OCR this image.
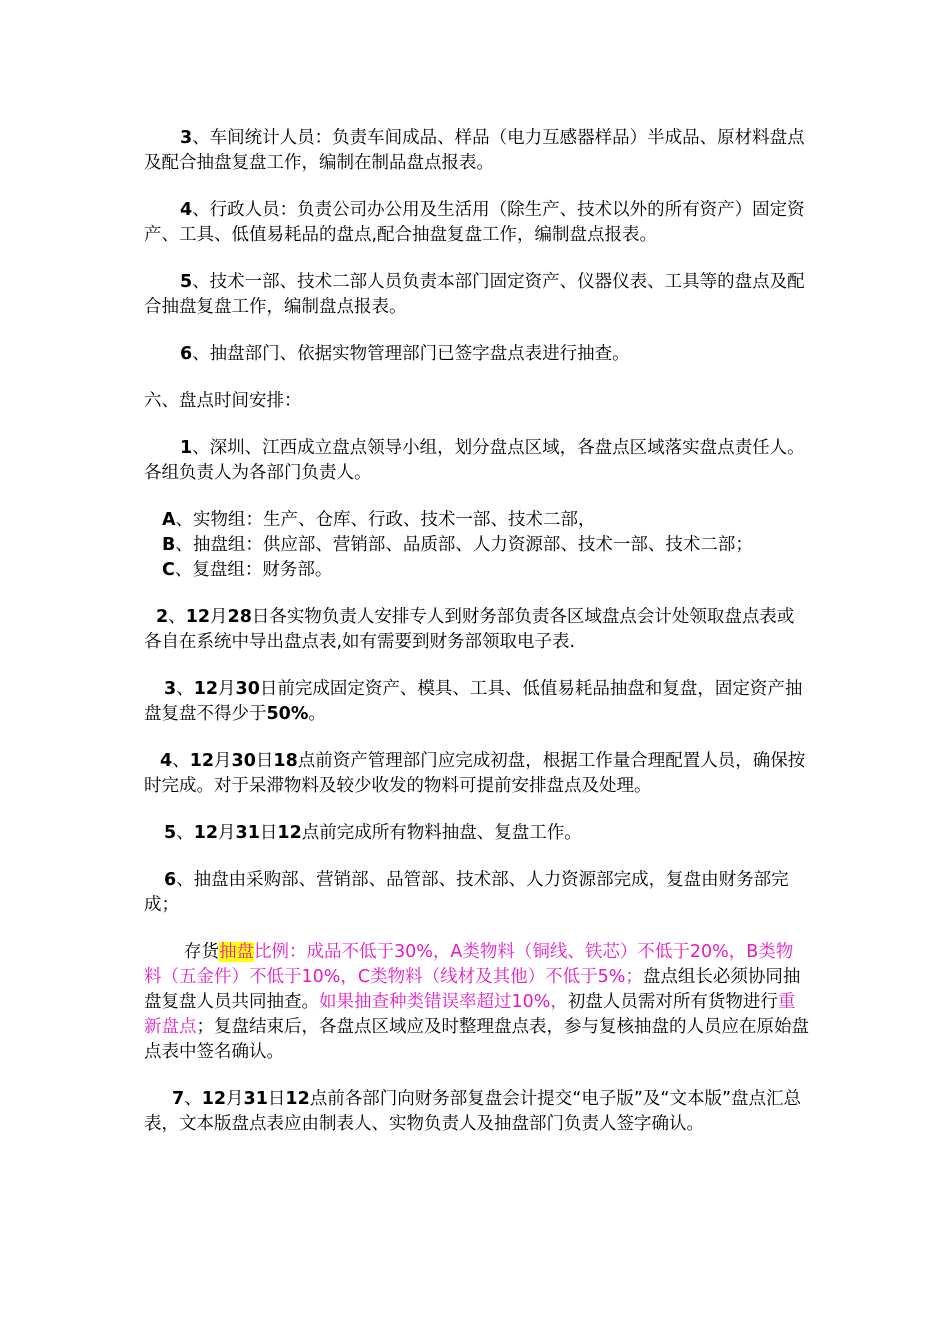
3、车间统计人员：负责车间成品、样品（电力互感器样品）半成品、原材料盘点及配合抽盘复盘工作，编制在制品盘点报表。

4、行政人员：负责公司办公用及生活用（除生产、技术以外的所有资产）固定资产、工具、低值易耗品的盘点,配合抽盘复盘工作，编制盘点报表。

5、技术一部、技术二部人员负责本部门固定资产、仪器仪表、工具等的盘点及配合抽盘复盘工作，编制盘点报表。

6、抽盘部门、依据实物管理部门已签字盘点表进行抽查。

六、盘点时间安排：

1、深圳、江西成立盘点领导小组，划分盘点区域，各盘点区域落实盘点责任人。各组负责人为各部门负责人。

A、实物组：生产、仓库、行政、技术一部、技术二部，

B、抽盘组：供应部、营销部、品质部、人力资源部、技术一部、技术二部；

C、复盘组：财务部。

2、12月28日各实物负责人安排专人到财务部负责各区域盘点会计处领取盘点表或各自在系统中导出盘点表,如有需要到财务部领取电子表.

3、12月30日前完成固定资产、模具、工具、低值易耗品抽盘和复盘，固定资产抽盘复盘不得少于50%。

4、12月30日18点前资产管理部门应完成初盘，根据工作量合理配置人员，确保按时完成。对于呆滞物料及较少收发的物料可提前安排盘点及处理。

5、12月31日12点前完成所有物料抽盘、复盘工作。

6、抽盘由采购部、营销部、品管部、技术部、人力资源部完成，复盘由财务部完成；

存货抽盘比例：成品不低于30%，A类物料（铜线、铁芯）不低于20%，B类物料（五金件）不低于10%，C类物料（线材及其他）不低于5%；盘点组长必须协同抽盘复盘人员共同抽查。如果抽查种类错误率超过10%，初盘人员需对所有货物进行重新盘点；复盘结束后，各盘点区域应及时整理盘点表，参与复核抽盘的人员应在原始盘点表中签名确认。

7、12月31日12点前各部门向财务部复盘会计提交“电子版”及“文本版”盘点汇总表，文本版盘点表应由制表人、实物负责人及抽盘部门负责人签字确认。
